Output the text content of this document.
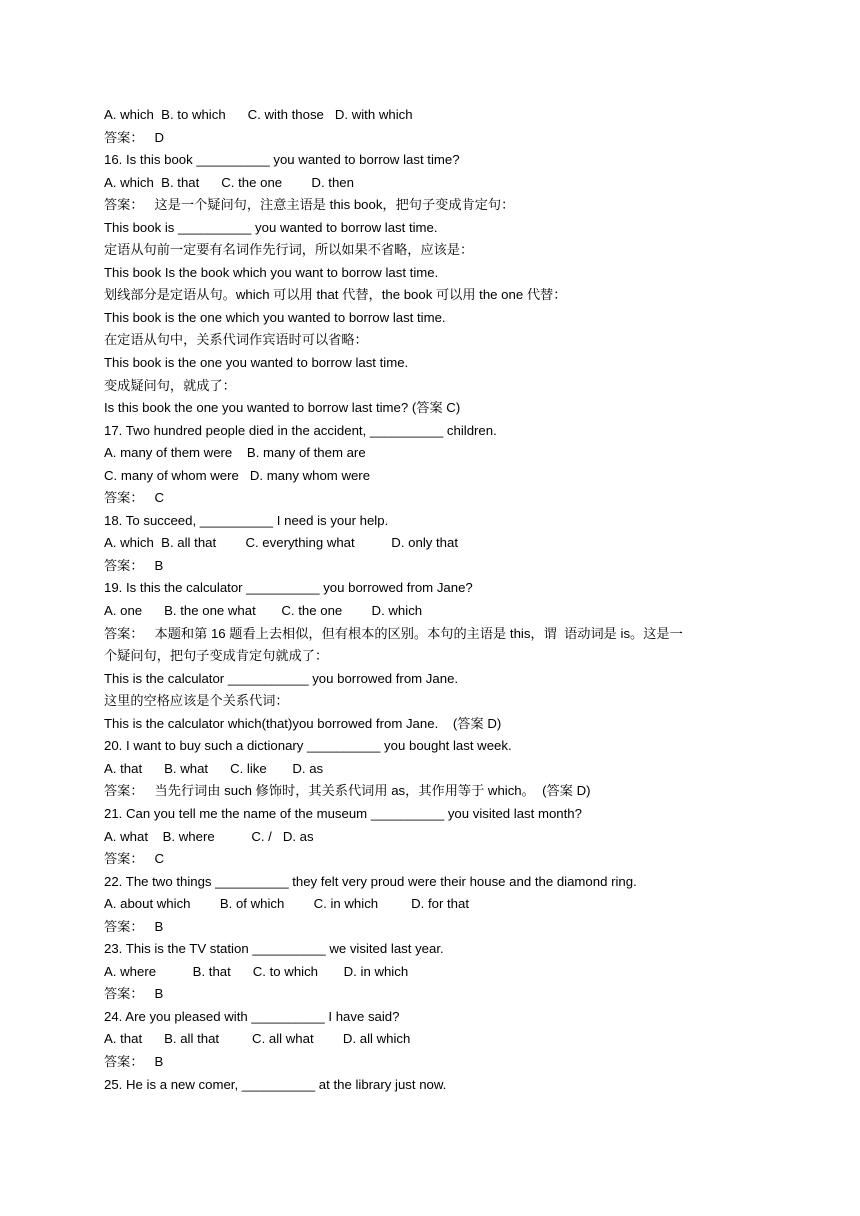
A. which  B. to which      C. with those   D. with which
答案：   D
16. Is this book __________ you wanted to borrow last time?
A. which  B. that      C. the one        D. then
答案：   这是一个疑问句，注意主语是 this book，把句子变成肯定句：
This book is __________ you wanted to borrow last time.
定语从句前一定要有名词作先行词，所以如果不省略，应该是：
This book Is the book which you want to borrow last time.
划线部分是定语从句。which 可以用 that 代替，the book 可以用 the one 代替：
This book is the one which you wanted to borrow last time.
在定语从句中，关系代词作宾语时可以省略：
This book is the one you wanted to borrow last time.
变成疑问句，就成了：
Is this book the one you wanted to borrow last time? (答案 C)
17. Two hundred people died in the accident, __________ children.
A. many of them were    B. many of them are
C. many of whom were   D. many whom were
答案：   C
18. To succeed, __________ I need is your help.
A. which  B. all that        C. everything what          D. only that
答案：   B
19. Is this the calculator __________ you borrowed from Jane?
A. one      B. the one what       C. the one        D. which
答案：   本题和第 16 题看上去相似，但有根本的区别。本句的主语是 this，谓  语动词是 is。这是一
个疑问句，把句子变成肯定句就成了：
This is the calculator ___________ you borrowed from Jane.
这里的空格应该是个关系代词：
This is the calculator which(that)you borrowed from Jane.    (答案 D)
20. I want to buy such a dictionary __________ you bought last week.
A. that      B. what      C. like       D. as
答案：   当先行词由 such 修饰时，其关系代词用 as，其作用等于 which。  (答案 D)
21. Can you tell me the name of the museum __________ you visited last month?
A. what    B. where          C. /   D. as
答案：   C
22. The two things __________ they felt very proud were their house and the diamond ring.
A. about which        B. of which        C. in which         D. for that
答案：   B
23. This is the TV station __________ we visited last year.
A. where          B. that      C. to which       D. in which
答案：   B
24. Are you pleased with __________ I have said?
A. that      B. all that         C. all what        D. all which
答案：   B
25. He is a new comer, __________ at the library just now.
